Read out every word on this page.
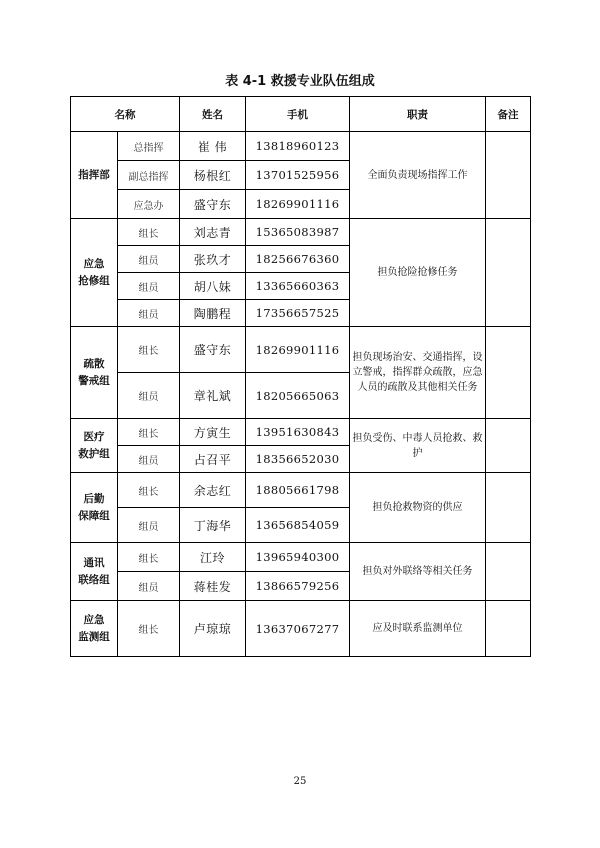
表 4-1 救援专业队伍组成
名称		姓名	手机	职责	备注
指挥部	总指挥	崔 伟	13818960123	全面负责现场指挥工作	
	副总指挥	杨根红	13701525956		
	应急办	盛守东	18269901116		
应急
抢修组	组长	刘志青	15365083987	担负抢险抢修任务	
	组员	张玖才	18256676360		
	组员	胡八妹	13365660363		
	组员	陶鹏程	17356657525		
疏散
警戒组	组长	盛守东	18269901116	担负现场治安、交通指挥，设立警戒，指挥群众疏散，应急人员的疏散及其他相关任务	
	组员	章礼斌	18205665063		
医疗
救护组	组长	方寅生	13951630843	担负受伤、中毒人员抢救、救护	
	组员	占召平	18356652030		
后勤
保障组	组长	余志红	18805661798	担负抢救物资的供应	
	组员	丁海华	13656854059		
通讯
联络组	组长	江玲	13965940300	担负对外联络等相关任务	
	组员	蒋桂发	13866579256		
应急
监测组	组长	卢琼琼	13637067277	应及时联系监测单位	
25
